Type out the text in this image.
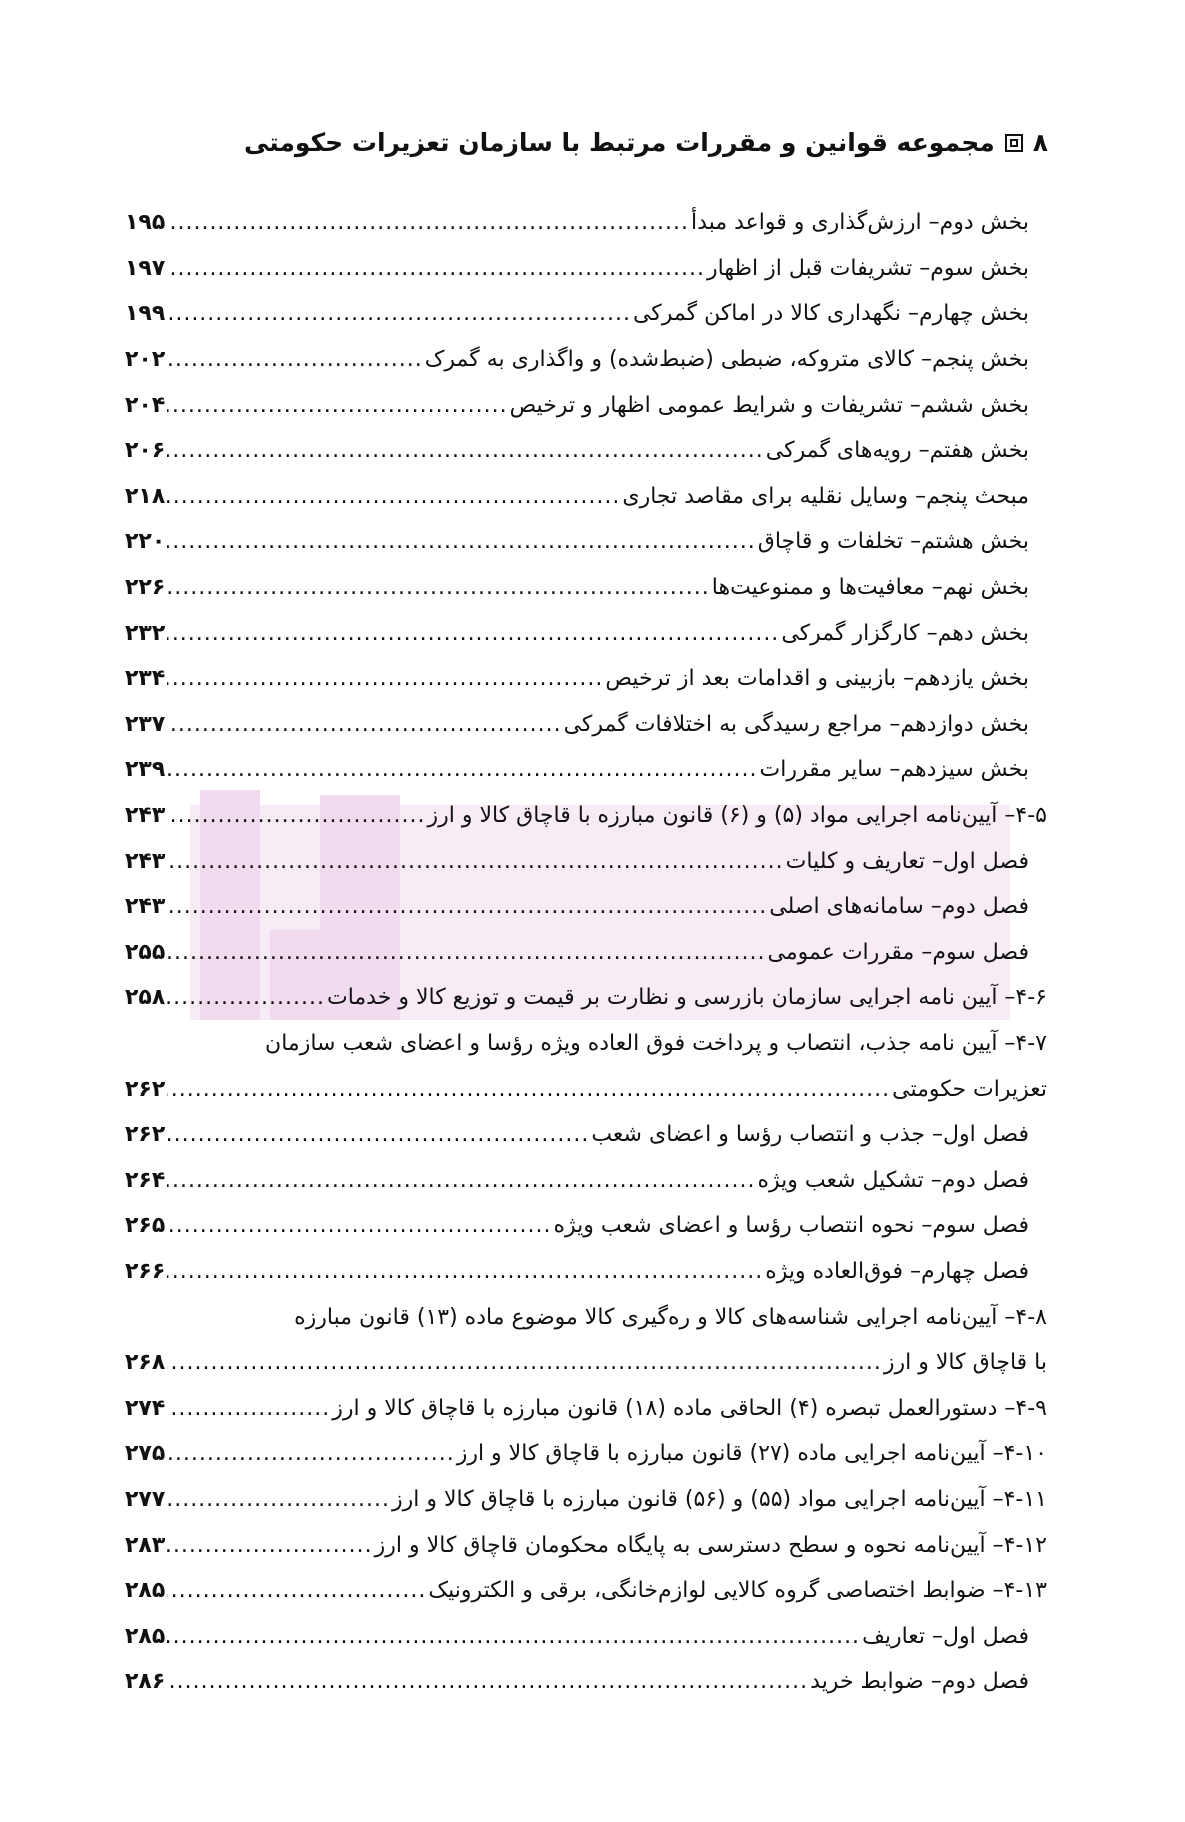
۸
مجموعه قوانین و مقررات مرتبط با سازمان تعزیرات حکومتی
بخش دوم– ارزش‌گذاری و قواعد مبدأ
.....
۱۹۵
بخش سوم– تشریفات قبل از اظهار
.....
۱۹۷
بخش چهارم– نگهداری کالا در اماکن گمرکی
.....
۱۹۹
بخش پنجم– کالای متروکه، ضبطی (ضبط‌شده) و واگذاری به گمرک
.....
۲۰۲
بخش ششم– تشریفات و شرایط عمومی اظهار و ترخیص
.....
۲۰۴
بخش هفتم– رویه‌های گمرکی
.....
۲۰۶
مبحث پنجم– وسایل نقلیه برای مقاصد تجاری
.....
۲۱۸
بخش هشتم– تخلفات و قاچاق
.....
۲۲۰
بخش نهم– معافیت‌ها و ممنوعیت‌ها
.....
۲۲۶
بخش دهم– کارگزار گمرکی
.....
۲۳۲
بخش یازدهم– بازبینی و اقدامات بعد از ترخیص
.....
۲۳۴
بخش دوازدهم– مراجع رسیدگی به اختلافات گمرکی
.....
۲۳۷
بخش سیزدهم– سایر مقررات
.....
۲۳۹
۴-۵– آیین‌نامه اجرایی مواد (۵) و (۶) قانون مبارزه با قاچاق کالا و ارز
.....
۲۴۳
فصل اول– تعاریف و کلیات
.....
۲۴۳
فصل دوم– سامانه‌های اصلی
.....
۲۴۳
فصل سوم– مقررات عمومی
.....
۲۵۵
۴-۶– آیین نامه اجرایی سازمان بازرسی و نظارت بر قیمت و توزیع کالا و خدمات
.....
۲۵۸
۴-۷– آیین نامه جذب، انتصاب و پرداخت فوق العاده ویژه رؤسا و اعضای شعب سازمان
تعزیرات حکومتی
.....
۲۶۲
فصل اول– جذب و انتصاب رؤسا و اعضای شعب
.....
۲۶۲
فصل دوم– تشکیل شعب ویژه
.....
۲۶۴
فصل سوم– نحوه انتصاب رؤسا و اعضای شعب ویژه
.....
۲۶۵
فصل چهارم– فوق‌العاده ویژه
.....
۲۶۶
۴-۸– آیین‌نامه اجرایی شناسه‌های کالا و ره‌گیری کالا موضوع ماده (۱۳) قانون مبارزه
با قاچاق کالا و ارز
.....
۲۶۸
۴-۹– دستورالعمل تبصره (۴) الحاقی ماده (۱۸) قانون مبارزه با قاچاق کالا و ارز
.....
۲۷۴
۴-۱۰– آیین‌نامه اجرایی ماده (۲۷) قانون مبارزه با قاچاق کالا و ارز
.....
۲۷۵
۴-۱۱– آیین‌نامه اجرایی مواد (۵۵) و (۵۶) قانون مبارزه با قاچاق کالا و ارز
.....
۲۷۷
۴-۱۲– آیین‌نامه نحوه و سطح دسترسی به پایگاه محکومان قاچاق کالا و ارز
.....
۲۸۳
۴-۱۳– ضوابط اختصاصی گروه کالایی لوازم‌خانگی، برقی و الکترونیک
.....
۲۸۵
فصل اول– تعاریف
.....
۲۸۵
فصل دوم– ضوابط خرید
.....
۲۸۶
